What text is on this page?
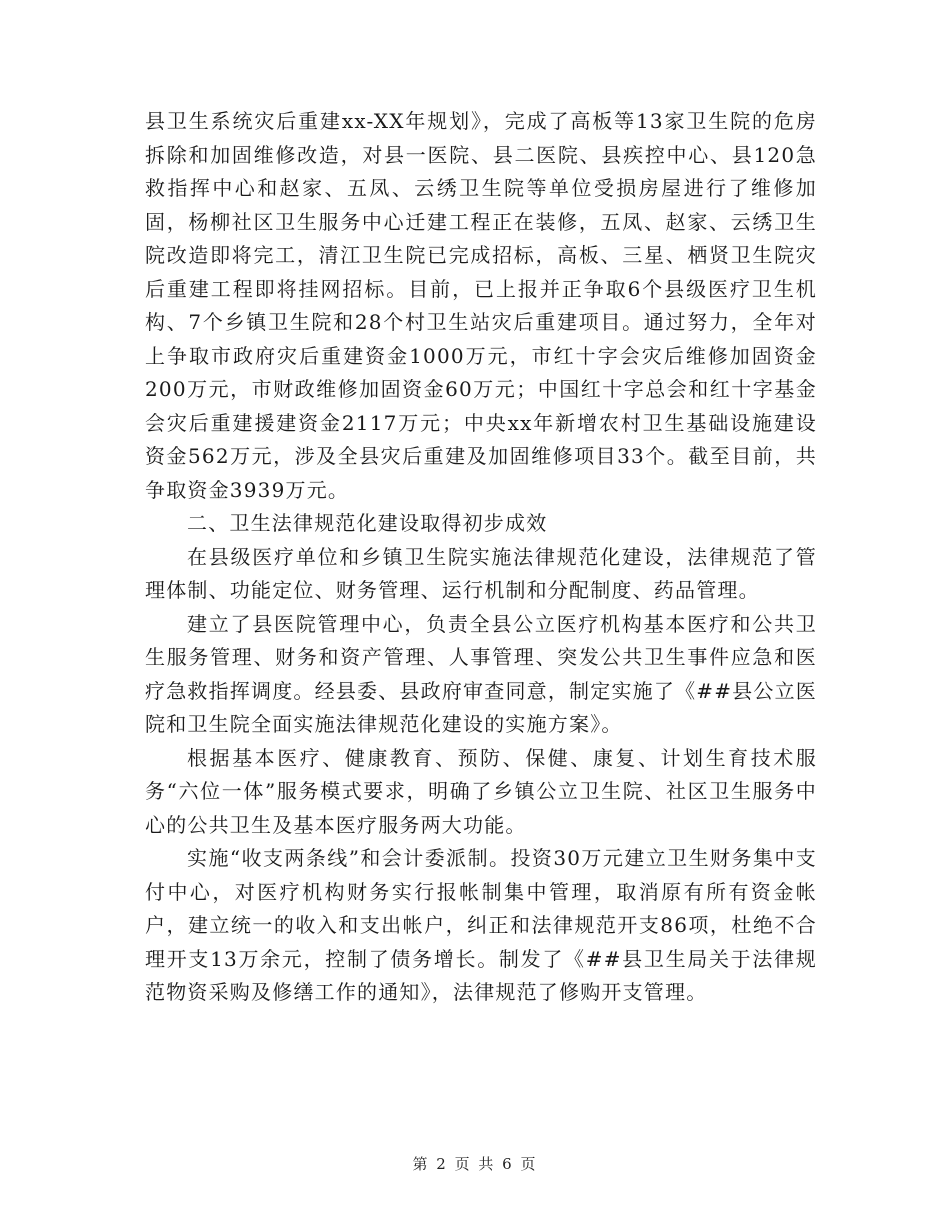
县卫生系统灾后重建xx-XX年规划》，完成了高板等13家卫生院的危房拆除和加固维修改造，对县一医院、县二医院、县疾控中心、县120急救指挥中心和赵家、五凤、云绣卫生院等单位受损房屋进行了维修加固，杨柳社区卫生服务中心迁建工程正在装修，五凤、赵家、云绣卫生院改造即将完工，清江卫生院已完成招标，高板、三星、栖贤卫生院灾后重建工程即将挂网招标。目前，已上报并正争取6个县级医疗卫生机构、7个乡镇卫生院和28个村卫生站灾后重建项目。通过努力，全年对上争取市政府灾后重建资金1000万元，市红十字会灾后维修加固资金200万元，市财政维修加固资金60万元；中国红十字总会和红十字基金会灾后重建援建资金2117万元；中央xx年新增农村卫生基础设施建设资金562万元，涉及全县灾后重建及加固维修项目33个。截至目前，共争取资金3939万元。

二、卫生法律规范化建设取得初步成效

在县级医疗单位和乡镇卫生院实施法律规范化建设，法律规范了管理体制、功能定位、财务管理、运行机制和分配制度、药品管理。

建立了县医院管理中心，负责全县公立医疗机构基本医疗和公共卫生服务管理、财务和资产管理、人事管理、突发公共卫生事件应急和医疗急救指挥调度。经县委、县政府审查同意，制定实施了《##县公立医院和卫生院全面实施法律规范化建设的实施方案》。

根据基本医疗、健康教育、预防、保健、康复、计划生育技术服务“六位一体”服务模式要求，明确了乡镇公立卫生院、社区卫生服务中心的公共卫生及基本医疗服务两大功能。

实施“收支两条线”和会计委派制。投资30万元建立卫生财务集中支付中心，对医疗机构财务实行报帐制集中管理，取消原有所有资金帐户，建立统一的收入和支出帐户，纠正和法律规范开支86项，杜绝不合理开支13万余元，控制了债务增长。制发了《##县卫生局关于法律规范物资采购及修缮工作的通知》，法律规范了修购开支管理。

第 2 页 共 6 页
